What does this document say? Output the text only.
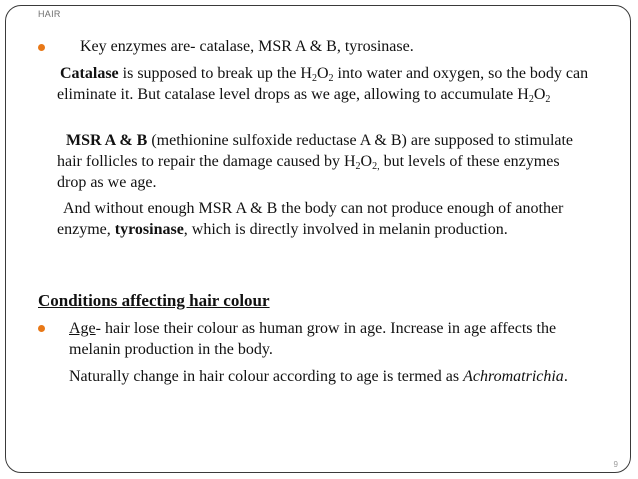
HAIR
Key enzymes are- catalase, MSR A & B, tyrosinase.
Catalase is supposed to break up the $H_2O_2$ into water and oxygen, so the body can eliminate it. But catalase level drops as we age, allowing to accumulate $H_2O_2$
MSR A & B (methionine sulfoxide reductase A & B) are supposed to stimulate hair follicles to repair the damage caused by $H_2O_{2,}$ but levels of these enzymes drop as we age.
And without enough MSR A & B the body can not produce enough of another enzyme, tyrosinase, which is directly involved in melanin production.
Conditions affecting hair colour
Age- hair lose their colour as human grow in age. Increase in age affects the melanin production in the body.
Naturally change in hair colour according to age is termed as Achromatrichia.
9
